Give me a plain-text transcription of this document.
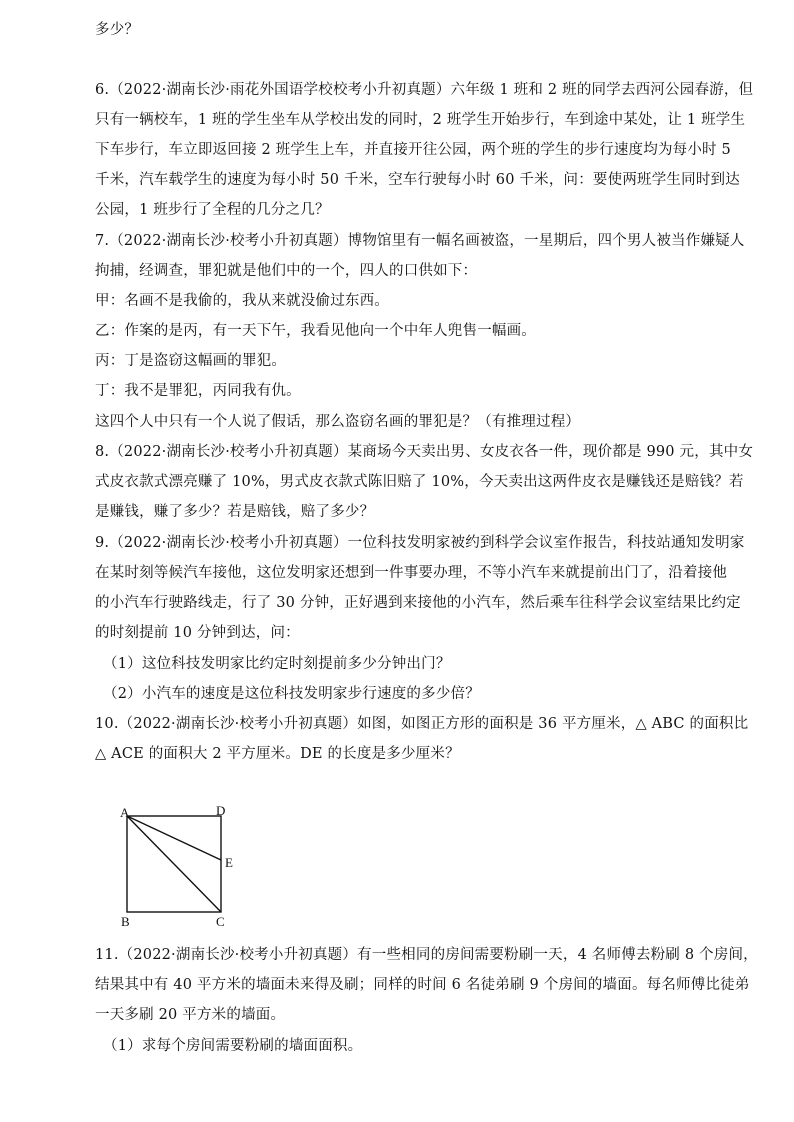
多少？
6.（2022·湖南长沙·雨花外国语学校校考小升初真题）六年级 1 班和 2 班的同学去西河公园春游，但
只有一辆校车，1 班的学生坐车从学校出发的同时，2 班学生开始步行，车到途中某处，让 1 班学生
下车步行，车立即返回接 2 班学生上车，并直接开往公园，两个班的学生的步行速度均为每小时 5
千米，汽车载学生的速度为每小时 50 千米，空车行驶每小时 60 千米，问：要使两班学生同时到达
公园，1 班步行了全程的几分之几？
7.（2022·湖南长沙·校考小升初真题）博物馆里有一幅名画被盗，一星期后，四个男人被当作嫌疑人
拘捕，经调查，罪犯就是他们中的一个，四人的口供如下：
甲：名画不是我偷的，我从来就没偷过东西。
乙：作案的是丙，有一天下午，我看见他向一个中年人兜售一幅画。
丙：丁是盗窃这幅画的罪犯。
丁：我不是罪犯，丙同我有仇。
这四个人中只有一个人说了假话，那么盗窃名画的罪犯是？（有推理过程）
8.（2022·湖南长沙·校考小升初真题）某商场今天卖出男、女皮衣各一件，现价都是 990 元，其中女
式皮衣款式漂亮赚了 10%，男式皮衣款式陈旧赔了 10%，今天卖出这两件皮衣是赚钱还是赔钱？若
是赚钱，赚了多少？若是赔钱，赔了多少？
9.（2022·湖南长沙·校考小升初真题）一位科技发明家被约到科学会议室作报告，科技站通知发明家
在某时刻等候汽车接他，这位发明家还想到一件事要办理，不等小汽车来就提前出门了，沿着接他
的小汽车行驶路线走，行了 30 分钟，正好遇到来接他的小汽车，然后乘车往科学会议室结果比约定
的时刻提前 10 分钟到达，问：
（1）这位科技发明家比约定时刻提前多少分钟出门？
（2）小汽车的速度是这位科技发明家步行速度的多少倍？
10.（2022·湖南长沙·校考小升初真题）如图，如图正方形的面积是 36 平方厘米，△ ABC 的面积比
△ ACE 的面积大 2 平方厘米。DE 的长度是多少厘米？
A	D
E
B	C
11.（2022·湖南长沙·校考小升初真题）有一些相同的房间需要粉刷一天，4 名师傅去粉刷 8 个房间，
结果其中有 40 平方米的墙面未来得及刷；同样的时间 6 名徒弟刷 9 个房间的墙面。每名师傅比徒弟
一天多刷 20 平方米的墙面。
（1）求每个房间需要粉刷的墙面面积。
